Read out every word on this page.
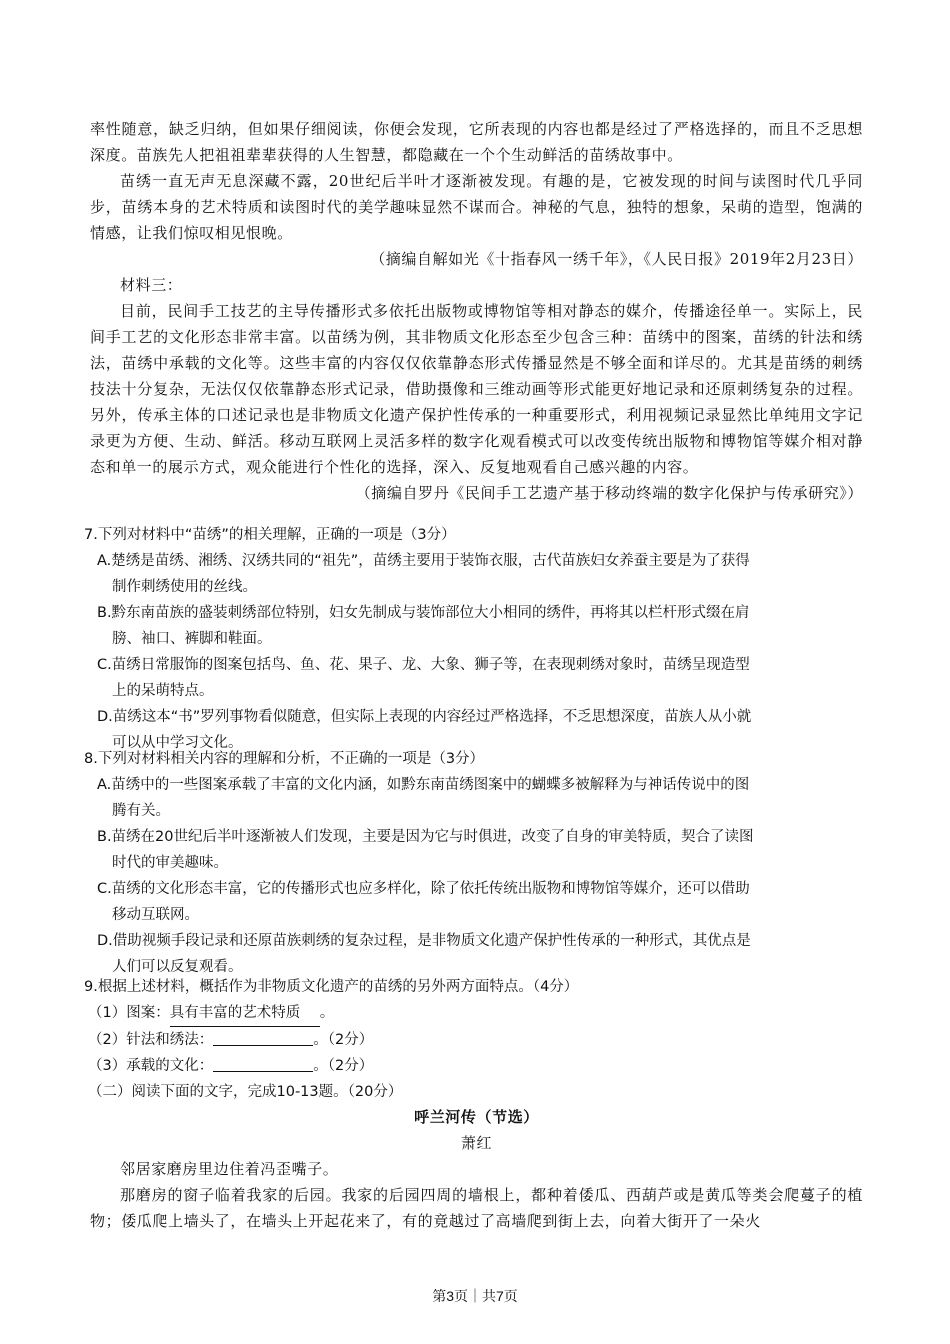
率性随意，缺乏归纳，但如果仔细阅读，你便会发现，它所表现的内容也都是经过了严格选择的，而且不乏思想深度。苗族先人把祖祖辈辈获得的人生智慧，都隐藏在一个个生动鲜活的苗绣故事中。

苗绣一直无声无息深藏不露，20世纪后半叶才逐渐被发现。有趣的是，它被发现的时间与读图时代几乎同步，苗绣本身的艺术特质和读图时代的美学趣味显然不谋而合。神秘的气息，独特的想象，呆萌的造型，饱满的情感，让我们惊叹相见恨晚。

（摘编自解如光《十指春风一绣千年》，《人民日报》2019年2月23日）

材料三：

目前，民间手工技艺的主导传播形式多依托出版物或博物馆等相对静态的媒介，传播途径单一。实际上，民间手工艺的文化形态非常丰富。以苗绣为例，其非物质文化形态至少包含三种：苗绣中的图案，苗绣的针法和绣法，苗绣中承载的文化等。这些丰富的内容仅仅依靠静态形式传播显然是不够全面和详尽的。尤其是苗绣的刺绣技法十分复杂，无法仅仅依靠静态形式记录，借助摄像和三维动画等形式能更好地记录和还原刺绣复杂的过程。另外，传承主体的口述记录也是非物质文化遗产保护性传承的一种重要形式，利用视频记录显然比单纯用文字记录更为方便、生动、鲜活。移动互联网上灵活多样的数字化观看模式可以改变传统出版物和博物馆等媒介相对静态和单一的展示方式，观众能进行个性化的选择，深入、反复地观看自己感兴趣的内容。

（摘编自罗丹《民间手工艺遗产基于移动终端的数字化保护与传承研究》）

7.下列对材料中“苗绣”的相关理解，正确的一项是（3分）

A.楚绣是苗绣、湘绣、汉绣共同的“祖先”，苗绣主要用于装饰衣服，古代苗族妇女养蚕主要是为了获得
制作刺绣使用的丝线。

B.黔东南苗族的盛装刺绣部位特别，妇女先制成与装饰部位大小相同的绣件，再将其以栏杆形式缀在肩
膀、袖口、裤脚和鞋面。

C.苗绣日常服饰的图案包括鸟、鱼、花、果子、龙、大象、狮子等，在表现刺绣对象时，苗绣呈现造型
上的呆萌特点。

D.苗绣这本“书”罗列事物看似随意，但实际上表现的内容经过严格选择，不乏思想深度，苗族人从小就
可以从中学习文化。

8.下列对材料相关内容的理解和分析，不正确的一项是（3分）

A.苗绣中的一些图案承载了丰富的文化内涵，如黔东南苗绣图案中的蝴蝶多被解释为与神话传说中的图
腾有关。

B.苗绣在20世纪后半叶逐渐被人们发现，主要是因为它与时俱进，改变了自身的审美特质，契合了读图
时代的审美趣味。

C.苗绣的文化形态丰富，它的传播形式也应多样化，除了依托传统出版物和博物馆等媒介，还可以借助
移动互联网。

D.借助视频手段记录和还原苗族刺绣的复杂过程，是非物质文化遗产保护性传承的一种形式，其优点是
人们可以反复观看。

9.根据上述材料，概括作为非物质文化遗产的苗绣的另外两方面特点。（4分）

（1）图案：具有丰富的艺术特质 。

（2）针法和绣法：	。（2分）

（3）承载的文化：	。（2分）

（二）阅读下面的文字，完成10-13题。（20分）

呼兰河传（节选）

萧红

邻居家磨房里边住着冯歪嘴子。

那磨房的窗子临着我家的后园。我家的后园四周的墙根上，都种着倭瓜、西葫芦或是黄瓜等类会爬蔓子的植物；倭瓜爬上墙头了，在墙头上开起花来了，有的竟越过了高墙爬到街上去，向着大街开了一朵火

第3页｜共7页
